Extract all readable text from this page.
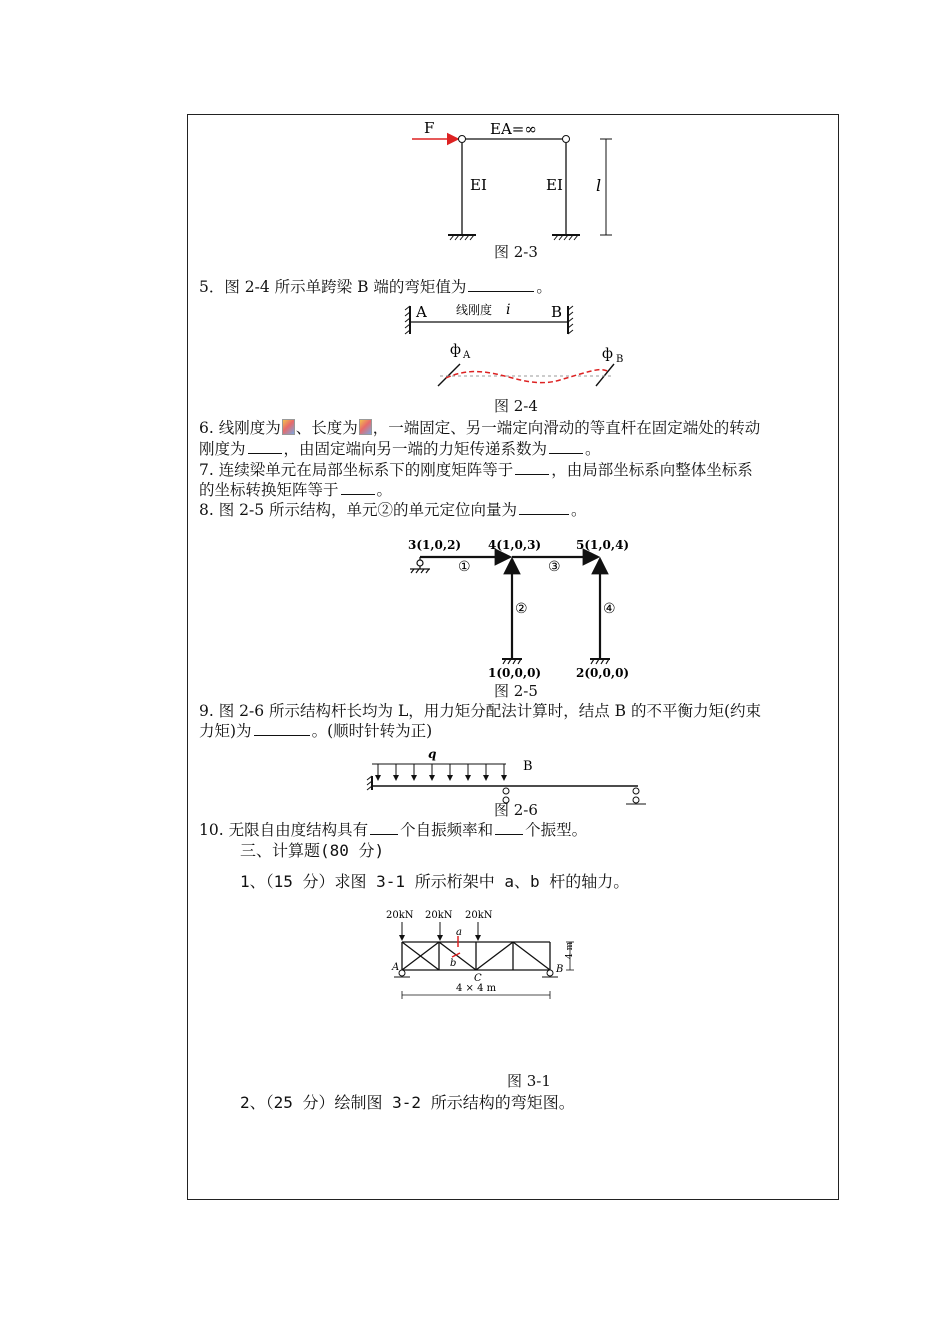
F	EA=∞
EI	EI l
图 2-3
5．图 2-4 所示单跨梁 B 端的弯矩值为	。
A	B
线刚度 i
ф A	ф B
图 2-4
6. 线刚度为 、长度为 ，一端固定、另一端定向滑动的等直杆在固定端处的转动
刚度为 ，由固定端向另一端的力矩传递系数为 。
7. 连续梁单元在局部坐标系下的刚度矩阵等于 ，由局部坐标系向整体坐标系
的坐标转换矩阵等于 。
8. 图 2-5 所示结构，单元②的单元定位向量为	。
3(1,0,2) 4(1,0,3)	5(1,0,4)
①	③
②	④
1(0,0,0)	2(0,0,0)
图 2-5
9. 图 2-6 所示结构杆长均为 L，用力矩分配法计算时，结点 B 的不平衡力矩(约束
力矩)为	。(顺时针转为正)
q
B
图 2-6
10. 无限自由度结构具有 个自振频率和 个振型。
三、计算题(80 分)
1、（15 分）求图 3-1 所示桁架中 a、b 杆的轴力。
20kN 20kN 20kN
a
b
A	B
C
4 m
4 × 4 m
图 3-1
2、（25 分）绘制图 3-2 所示结构的弯矩图。
